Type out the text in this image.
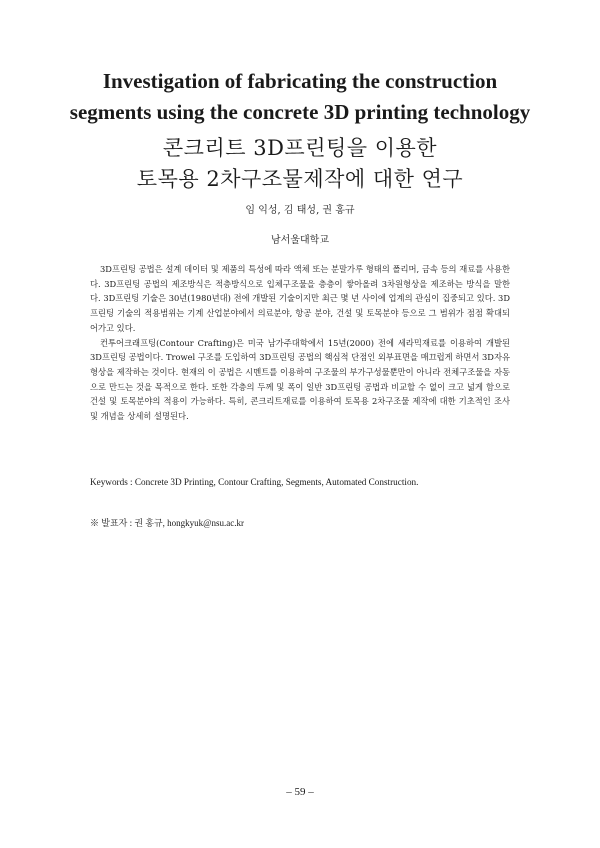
Investigation of fabricating the construction
segments using the concrete 3D printing technology
콘크리트 3D프린팅을 이용한
토목용 2차구조물제작에 대한 연구
임 익성, 김 태성, 권 홍규
남서울대학교

3D프린팅 공법은 설계 데이터 및 제품의 특성에 따라 액체 또는 분말가루 형태의 폴리머, 금속 등의 재료를 사용한다. 3D프린팅 공법의 제조방식은 적층방식으로 입체구조물을 층층이 쌓아올려 3차원형상을 제조하는 방식을 말한다. 3D프린팅 기술은 30년(1980년대) 전에 개발된 기술이지만 최근 몇 년 사이에 업계의 관심이 집중되고 있다. 3D프린팅 기술의 적용범위는 기계 산업분야에서 의료분야, 항공 분야, 건설 및 토목분야 등으로 그 범위가 점점 확대되어가고 있다.

컨투어크래프팅(Contour Crafting)은 미국 남가주대학에서 15년(2000) 전에 세라믹재료를 이용하여 개발된 3D프린팅 공법이다. Trowel 구조를 도입하여 3D프린팅 공법의 핵심적 단점인 외부표면을 매끄럽게 하면서 3D자유형상을 제작하는 것이다. 현재의 이 공법은 시멘트를 이용하여 구조물의 부가구성물뿐만이 아니라 전체구조물을 자동으로 만드는 것을 목적으로 한다. 또한 각층의 두께 및 폭이 일반 3D프린팅 공법과 비교할 수 없이 크고 넓게 함으로 건설 및 토목분야의 적용이 가능하다. 특히, 콘크리트재료를 이용하여 토목용 2차구조물 제작에 대한 기초적인 조사 및 개념을 상세히 설명된다.

Keywords : Concrete 3D Printing, Contour Crafting, Segments, Automated Construction.
※ 발표자 : 권 홍규, hongkyuk@nsu.ac.kr
– 59 –
